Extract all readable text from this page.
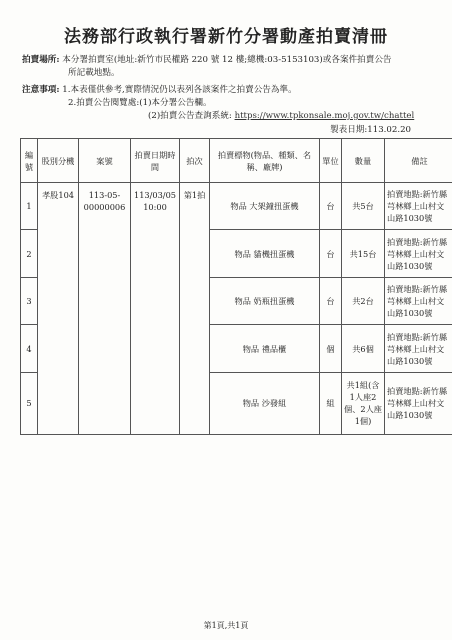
法務部行政執行署新竹分署動產拍賣清冊
拍賣場所: 本分署拍賣室(地址:新竹市民權路 220 號 12 樓;總機:03-5153103)或各案件拍賣公告
所記載地點。
注意事項: 1.本表僅供參考,實際情況仍以表列各該案件之拍賣公告為準。
2.拍賣公告閱覽處:(1)本分署公告欄。
(2)拍賣公告查詢系統: https://www.tpkonsale.moj.gov.tw/chattel
製表日期:113.02.20
編號	股別分機	案號	拍賣日期時間	拍次	拍賣標物(物品、種類、名稱、廠牌)	單位	數量	備註
1	孝股104	113-05-00000006	113/03/05 10:00	第1拍	物品 大架鐘扭蛋機	台	共5台	拍賣地點:新竹縣芎林鄉上山村文山路1030號
2					物品 貓機扭蛋機	台	共15台	拍賣地點:新竹縣芎林鄉上山村文山路1030號
3					物品 奶瓶扭蛋機	台	共2台	拍賣地點:新竹縣芎林鄉上山村文山路1030號
4					物品 禮品櫃	個	共6個	拍賣地點:新竹縣芎林鄉上山村文山路1030號
5					物品 沙發組	組	共1組(含1人座2個、2人座1個)	拍賣地點:新竹縣芎林鄉上山村文山路1030號
第1頁,共1頁
